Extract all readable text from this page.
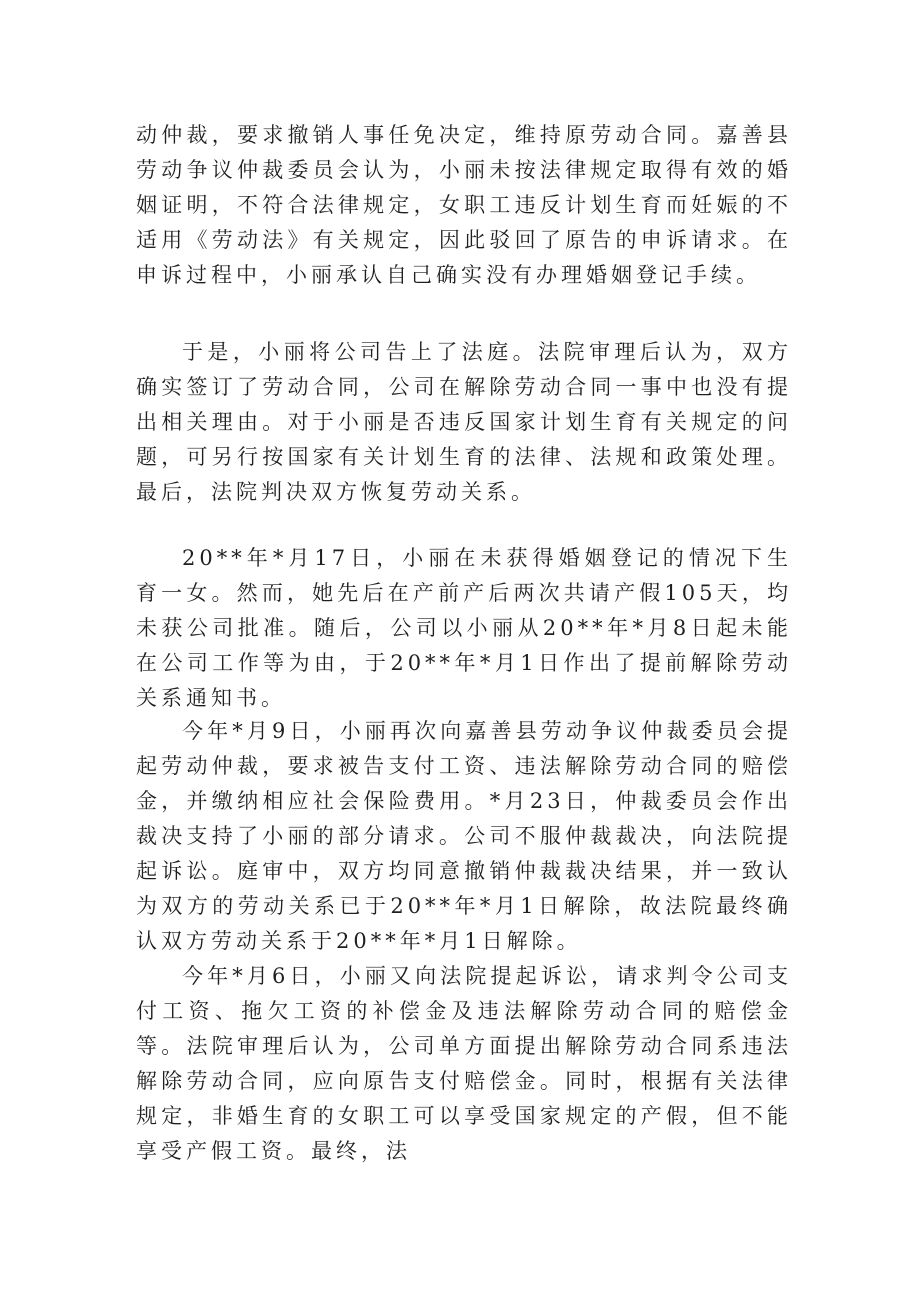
动仲裁，要求撤销人事任免决定，维持原劳动合同。嘉善县劳动争议仲裁委员会认为，小丽未按法律规定取得有效的婚姻证明，不符合法律规定，女职工违反计划生育而妊娠的不适用《劳动法》有关规定，因此驳回了原告的申诉请求。在申诉过程中，小丽承认自己确实没有办理婚姻登记手续。

于是，小丽将公司告上了法庭。法院审理后认为，双方确实签订了劳动合同，公司在解除劳动合同一事中也没有提出相关理由。对于小丽是否违反国家计划生育有关规定的问题，可另行按国家有关计划生育的法律、法规和政策处理。最后，法院判决双方恢复劳动关系。

20**年*月17日，小丽在未获得婚姻登记的情况下生育一女。然而，她先后在产前产后两次共请产假105天，均未获公司批准。随后，公司以小丽从20**年*月8日起未能在公司工作等为由，于20**年*月1日作出了提前解除劳动关系通知书。

今年*月9日，小丽再次向嘉善县劳动争议仲裁委员会提起劳动仲裁，要求被告支付工资、违法解除劳动合同的赔偿金，并缴纳相应社会保险费用。*月23日，仲裁委员会作出裁决支持了小丽的部分请求。公司不服仲裁裁决，向法院提起诉讼。庭审中，双方均同意撤销仲裁裁决结果，并一致认为双方的劳动关系已于20**年*月1日解除，故法院最终确认双方劳动关系于20**年*月1日解除。

今年*月6日，小丽又向法院提起诉讼，请求判令公司支付工资、拖欠工资的补偿金及违法解除劳动合同的赔偿金等。法院审理后认为，公司单方面提出解除劳动合同系违法解除劳动合同，应向原告支付赔偿金。同时，根据有关法律规定，非婚生育的女职工可以享受国家规定的产假，但不能享受产假工资。最终，法
